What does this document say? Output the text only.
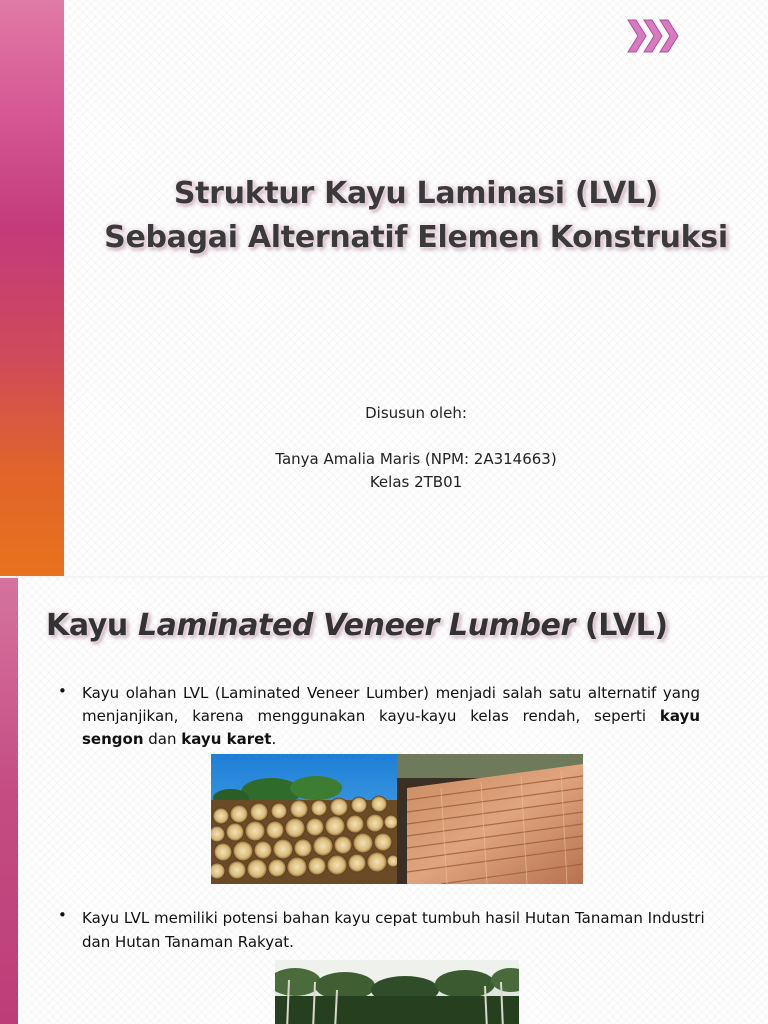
Struktur Kayu Laminasi (LVL)
Sebagai Alternatif Elemen Konstruksi
Disusun oleh:
Tanya Amalia Maris (NPM: 2A314663)
Kelas 2TB01
Kayu Laminated Veneer Lumber (LVL)
• Kayu olahan LVL (Laminated Veneer Lumber) menjadi salah satu alternatif yang menjanjikan, karena menggunakan kayu-kayu kelas rendah, seperti kayu sengon dan kayu karet.
• Kayu LVL memiliki potensi bahan kayu cepat tumbuh hasil Hutan Tanaman Industri dan Hutan Tanaman Rakyat.
